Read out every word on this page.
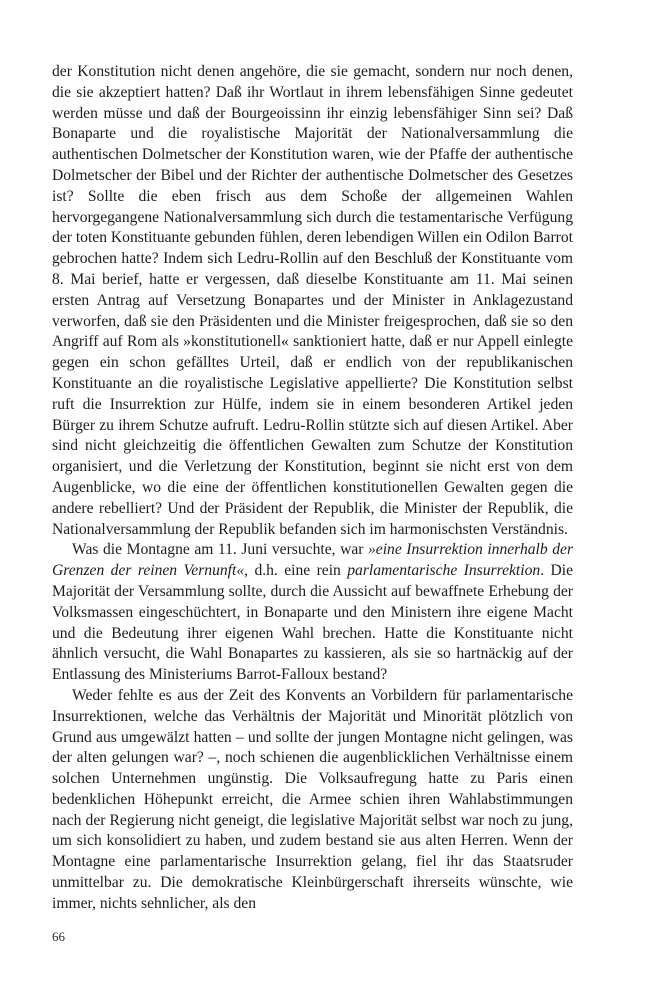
der Konstitution nicht denen angehöre, die sie gemacht, sondern nur noch denen, die sie akzeptiert hatten? Daß ihr Wortlaut in ihrem lebensfähigen Sinne gedeutet werden müsse und daß der Bourgeoissinn ihr einzig lebensfähiger Sinn sei? Daß Bonaparte und die royalistische Majorität der Nationalversammlung die authentischen Dolmetscher der Konstitution waren, wie der Pfaffe der authentische Dolmetscher der Bibel und der Richter der authentische Dolmetscher des Gesetzes ist? Sollte die eben frisch aus dem Schoße der allgemeinen Wahlen hervorgegangene Nationalversammlung sich durch die testamentarische Verfügung der toten Konstituante gebunden fühlen, deren lebendigen Willen ein Odilon Barrot gebrochen hatte? Indem sich Ledru-Rollin auf den Beschluß der Konstituante vom 8. Mai berief, hatte er vergessen, daß dieselbe Konstituante am 11. Mai seinen ersten Antrag auf Versetzung Bonapartes und der Minister in Anklagezustand verworfen, daß sie den Präsidenten und die Minister freigesprochen, daß sie so den Angriff auf Rom als »konstitutionell« sanktioniert hatte, daß er nur Appell einlegte gegen ein schon gefälltes Urteil, daß er endlich von der republikanischen Konstituante an die royalistische Legislative appellierte? Die Konstitution selbst ruft die Insurrektion zur Hülfe, indem sie in einem besonderen Artikel jeden Bürger zu ihrem Schutze aufruft. Ledru-Rollin stützte sich auf diesen Artikel. Aber sind nicht gleichzeitig die öffentlichen Gewalten zum Schutze der Konstitution organisiert, und die Verletzung der Konstitution, beginnt sie nicht erst von dem Augenblicke, wo die eine der öffentlichen konstitutionellen Gewalten gegen die andere rebelliert? Und der Präsident der Republik, die Minister der Republik, die Nationalversammlung der Republik befanden sich im harmonischsten Verständnis.

Was die Montagne am 11. Juni versuchte, war »eine Insurrektion innerhalb der Grenzen der reinen Vernunft«, d.h. eine rein parlamentarische Insurrektion. Die Majorität der Versammlung sollte, durch die Aussicht auf bewaffnete Erhebung der Volksmassen eingeschüchtert, in Bonaparte und den Ministern ihre eigene Macht und die Bedeutung ihrer eigenen Wahl brechen. Hatte die Konstituante nicht ähnlich versucht, die Wahl Bonapartes zu kassieren, als sie so hartnäckig auf der Entlassung des Ministeriums Barrot-Falloux bestand?

Weder fehlte es aus der Zeit des Konvents an Vorbildern für parlamentarische Insurrektionen, welche das Verhältnis der Majorität und Minorität plötzlich von Grund aus umgewälzt hatten – und sollte der jungen Montagne nicht gelingen, was der alten gelungen war? –, noch schienen die augenblicklichen Verhältnisse einem solchen Unternehmen ungünstig. Die Volksaufregung hatte zu Paris einen bedenklichen Höhepunkt erreicht, die Armee schien ihren Wahlabstimmungen nach der Regierung nicht geneigt, die legislative Majorität selbst war noch zu jung, um sich konsolidiert zu haben, und zudem bestand sie aus alten Herren. Wenn der Montagne eine parlamentarische Insurrektion gelang, fiel ihr das Staatsruder unmittelbar zu. Die demokratische Kleinbürgerschaft ihrerseits wünschte, wie immer, nichts sehnlicher, als den

66
